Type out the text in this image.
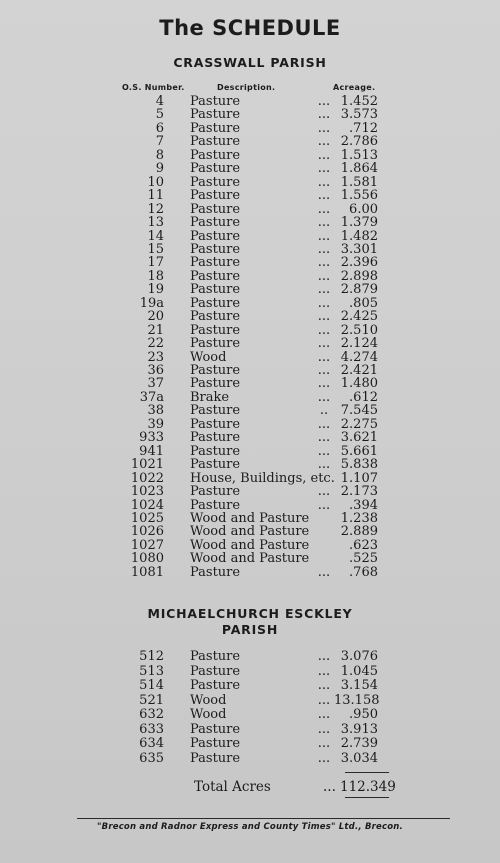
The SCHEDULE
CRASSWALL PARISH
O.S. Number.	Description.	Acreage.
4 Pasture	... 1.452
5 Pasture	... 3.573
6 Pasture	...	.712
7 Pasture	... 2.786
8 Pasture	... 1.513
9 Pasture	... 1.864
10 Pasture	... 1.581
11 Pasture	... 1.556
12 Pasture	...	6.00
13 Pasture	... 1.379
14 Pasture	... 1.482
15 Pasture	... 3.301
17 Pasture	... 2.396
18 Pasture	... 2.898
19 Pasture	... 2.879
19a Pasture	...	.805
20 Pasture	... 2.425
21 Pasture	... 2.510
22 Pasture	... 2.124
23 Wood	... 4.274
36 Pasture	... 2.421
37 Pasture	... 1.480
37a Brake	...	.612
38 Pasture	.. 7.545
39 Pasture	... 2.275
933 Pasture	... 3.621
941 Pasture	... 5.661
1021 Pasture	... 5.838
1022 House, Buildings, etc. 1.107
1023 Pasture	... 2.173
1024 Pasture	...	.394
1025 Wood and Pasture	1.238
1026 Wood and Pasture	2.889
1027 Wood and Pasture	.623
1080 Wood and Pasture	.525
1081 Pasture	...	.768
MICHAELCHURCH ESCKLEY
PARISH
512 Pasture	... 3.076
513 Pasture	... 1.045
514 Pasture	... 3.154
521 Wood	... 13.158
632 Wood	...	.950
633 Pasture	... 3.913
634 Pasture	... 2.739
635 Pasture	... 3.034
Total Acres	... 112.349
"Brecon and Radnor Express and County Times" Ltd., Brecon.
